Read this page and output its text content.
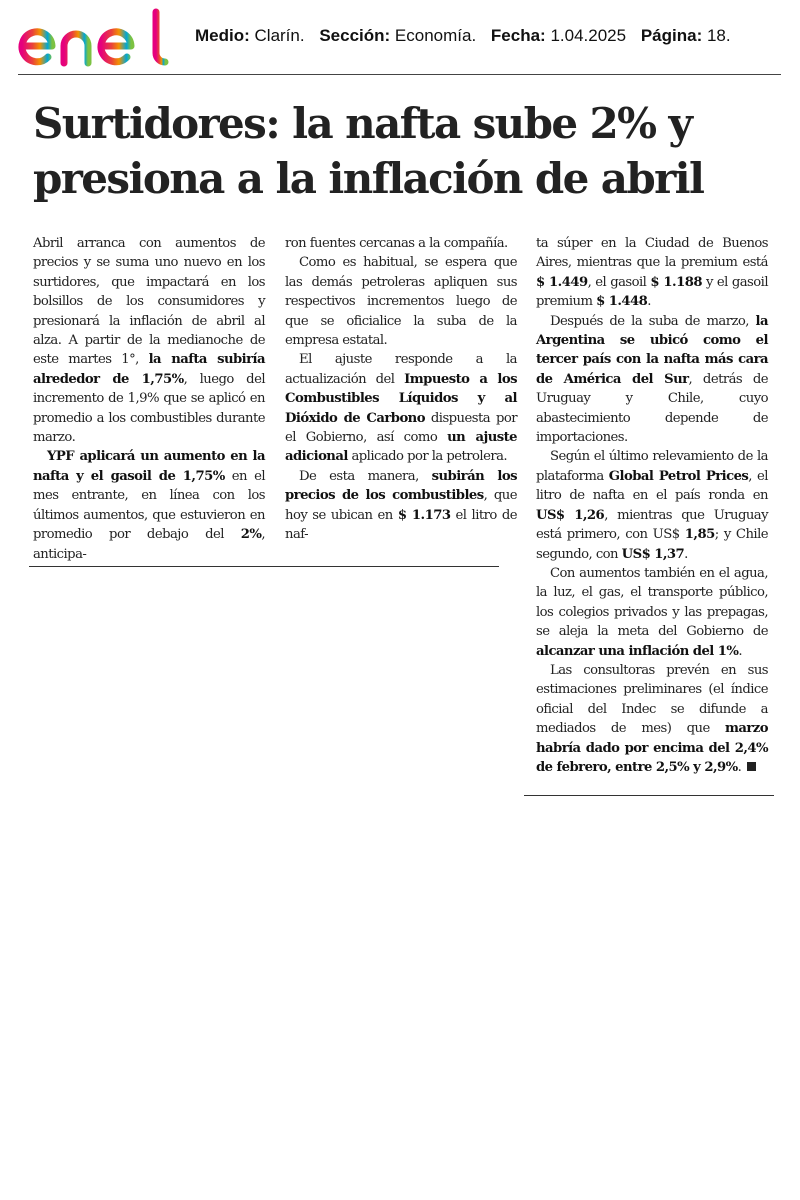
Medio: Clarín. Sección: Economía. Fecha: 1.04.2025 Página: 18.
Surtidores: la nafta sube 2% y
presiona a la inflación de abril

Abril arranca con aumentos de precios y se suma uno nuevo en los surtidores, que impactará en los bolsillos de los consumidores y presionará la inflación de abril al alza. A partir de la medianoche de este martes 1°, la nafta subiría alrededor de 1,75%, luego del incremento de 1,9% que se aplicó en promedio a los combustibles durante marzo.

YPF aplicará un aumento en la nafta y el gasoil de 1,75% en el mes entrante, en línea con los últimos aumentos, que estuvieron en promedio por debajo del 2%, anticipa-

ron fuentes cercanas a la compañía.

Como es habitual, se espera que las demás petroleras apliquen sus respectivos incrementos luego de que se oficialice la suba de la empresa estatal.

El ajuste responde a la actualización del Impuesto a los Combustibles Líquidos y al Dióxido de Carbono dispuesta por el Gobierno, así como un ajuste adicional aplicado por la petrolera.

De esta manera, subirán los precios de los combustibles, que hoy se ubican en $ 1.173 el litro de naf-

ta súper en la Ciudad de Buenos Aires, mientras que la premium está $ 1.449, el gasoil $ 1.188 y el gasoil premium $ 1.448.

Después de la suba de marzo, la Argentina se ubicó como el tercer país con la nafta más cara de América del Sur, detrás de Uruguay y Chile, cuyo abastecimiento depende de importaciones.

Según el último relevamiento de la plataforma Global Petrol Prices, el litro de nafta en el país ronda en US$ 1,26, mientras que Uruguay está primero, con US$ 1,85; y Chile segundo, con US$ 1,37.

Con aumentos también en el agua, la luz, el gas, el transporte público, los colegios privados y las prepagas, se aleja la meta del Gobierno de alcanzar una inflación del 1%.

Las consultoras prevén en sus estimaciones preliminares (el índice oficial del Indec se difunde a mediados de mes) que marzo habría dado por encima del 2,4% de febrero, entre 2,5% y 2,9%.
